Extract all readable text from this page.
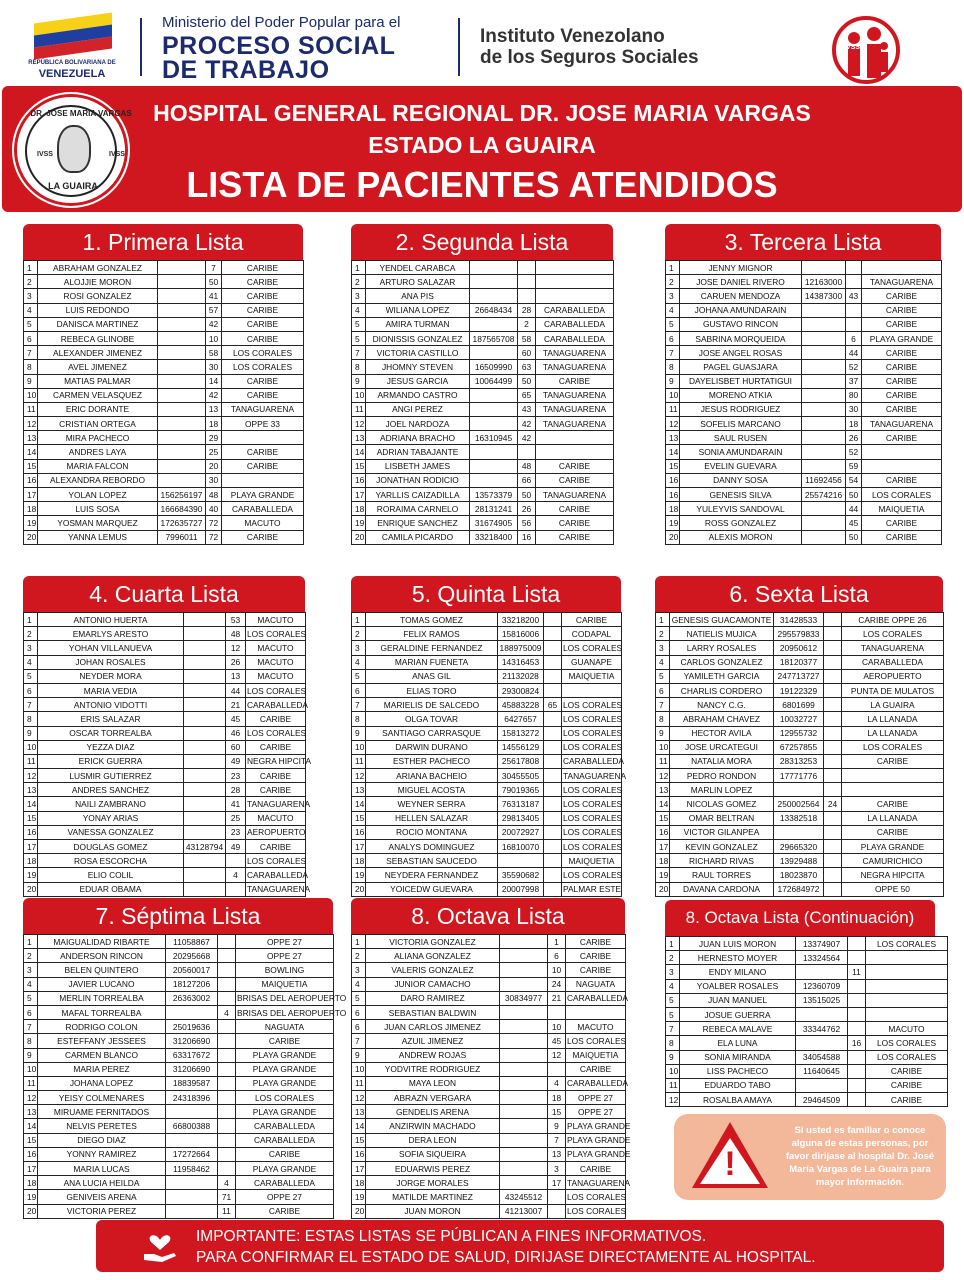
REPÚBLICA BOLIVARIANA DE
VENEZUELA
Ministerio del Poder Popular para el
PROCESO SOCIAL
DE TRABAJO
Instituto Venezolano
de los Seguros Sociales	IVSS
DR. JOSE MARIA VARGAS
IVSS	IVSS
LA GUAIRA
HOSPITAL GENERAL REGIONAL DR. JOSE MARIA VARGAS
ESTADO LA GUAIRA
LISTA DE PACIENTES ATENDIDOS
1. Primera Lista
1	ABRAHAM GONZALEZ		7	CARIBE
2	ALOJJIE MORON		50	CARIBE
3	ROSI GONZALEZ		41	CARIBE
4	LUIS REDONDO		57	CARIBE
5	DANISCA MARTINEZ		42	CARIBE
6	REBECA GLINOBE		10	CARIBE
7	ALEXANDER JIMENEZ		58	LOS CORALES
8	AVEL JIMENEZ		30	LOS CORALES
9	MATIAS PALMAR		14	CARIBE
10	CARMEN VELASQUEZ		42	CARIBE
11	ERIC DORANTE		13	TANAGUARENA
12	CRISTIAN ORTEGA		18	OPPE 33
13	MIRA PACHECO		29	
14	ANDRES LAYA		25	CARIBE
15	MARIA FALCON		20	CARIBE
16	ALEXANDRA REBORDO		30	
17	YOLAN LOPEZ	156256197	48	PLAYA GRANDE
18	LUIS SOSA	166684390	40	CARABALLEDA
19	YOSMAN MARQUEZ	172635727	72	MACUTO
20	YANNA LEMUS	7996011	72	CARIBE
2. Segunda Lista
1	YENDEL CARABCA			
2	ARTURO SALAZAR			
3	ANA PIS			
4	WILIANA LOPEZ	26648434	28	CARABALLEDA
5	AMIRA TURMAN		2	CARABALLEDA
5	DIONISSIS GONZALEZ	187565708	58	CARABALLEDA
7	VICTORIA CASTILLO		60	TANAGUARENA
8	JHOMNY STEVEN	16509990	63	TANAGUARENA
9	JESUS GARCIA	10064499	50	CARIBE
10	ARMANDO CASTRO		65	TANAGUARENA
11	ANGI PEREZ		43	TANAGUARENA
12	JOEL NARDOZA		42	TANAGUARENA
13	ADRIANA BRACHO	16310945	42	
14	ADRIAN TABAJANTE			
15	LISBETH JAMES		48	CARIBE
16	JONATHAN RODICIO		66	CARIBE
17	YARLLIS CAIZADILLA	13573379	50	TANAGUARENA
18	RORAIMA CARNELO	28131241	26	CARIBE
19	ENRIQUE SANCHEZ	31674905	56	CARIBE
20	CAMILA PICARDO	33218400	16	CARIBE
3. Tercera Lista
1	JENNY MIGNOR			
2	JOSE DANIEL RIVERO	12163000		TANAGUARENA
3	CARUEN MENDOZA	14387300	43	CARIBE
4	JOHANA AMUNDARAIN			CARIBE
5	GUSTAVO RINCON			CARIBE
6	SABRINA MORQUEIDA		6	PLAYA GRANDE
7	JOSE ANGEL ROSAS		44	CARIBE
8	PAGEL GUASJARA		52	CARIBE
9	DAYELISBET HURTATIGUI		37	CARIBE
10	MORENO ATKIA		80	CARIBE
11	JESUS RODRIGUEZ		30	CARIBE
12	SOFELIS MARCANO		18	TANAGUARENA
13	SAUL RUSEN		26	CARIBE
14	SONIA AMUNDARAIN		52	
15	EVELIN GUEVARA		59	
16	DANNY SOSA	11692456	54	CARIBE
16	GENESIS SILVA	25574216	50	LOS CORALES
18	YULEYVIS SANDOVAL		44	MAIQUETIA
19	ROSS GONZALEZ		45	CARIBE
20	ALEXIS MORON		50	CARIBE
4. Cuarta Lista
1	ANTONIO HUERTA		53	MACUTO
2	EMARLYS ARESTO		48	LOS CORALES
3	YOHAN VILLANUEVA		12	MACUTO
4	JOHAN ROSALES		26	MACUTO
5	NEYDER MORA		13	MACUTO
6	MARIA VEDIA		44	LOS CORALES
7	ANTONIO VIDOTTI		21	CARABALLEDA
8	ERIS SALAZAR		45	CARIBE
9	OSCAR TORREALBA		46	LOS CORALES
10	YEZZA DIAZ		60	CARIBE
11	ERICK GUERRA		49	NEGRA HIPCITA
12	LUSMIR GUTIERREZ		23	CARIBE
13	ANDRES SANCHEZ		28	CARIBE
14	NAILI ZAMBRANO		41	TANAGUARENA
15	YONAY ARIAS		25	MACUTO
16	VANESSA GONZALEZ		23	AEROPUERTO
17	DOUGLAS GOMEZ	43128794	49	CARIBE
18	ROSA ESCORCHA			LOS CORALES
19	ELIO COLIL		4	CARABALLEDA
20	EDUAR OBAMA			TANAGUARENA
5. Quinta Lista
1	TOMAS GOMEZ	33218200		CARIBE
2	FELIX RAMOS	15816006		CODAPAL
3	GERALDINE FERNANDEZ	188975009		LOS CORALES
4	MARIAN FUENETA	14316453		GUANAPE
5	ANAS GIL	21132028		MAIQUETIA
6	ELIAS TORO	29300824		
7	MARIELIS DE SALCEDO	45883228	65	LOS CORALES
8	OLGA TOVAR	6427657		LOS CORALES
9	SANTIAGO CARRASQUE	15813272		LOS CORALES
10	DARWIN DURANO	14556129		LOS CORALES
11	ESTHER PACHECO	25617808		CARABALLEDA
12	ARIANA BACHEIO	30455505		TANAGUARENA
13	MIGUEL ACOSTA	79019365		LOS CORALES
14	WEYNER SERRA	76313187		LOS CORALES
15	HELLEN SALAZAR	29813405		LOS CORALES
16	ROCIO MONTANA	20072927		LOS CORALES
17	ANALYS DOMINGUEZ	16810070		LOS CORALES
18	SEBASTIAN SAUCEDO			MAIQUETIA
19	NEYDERA FERNANDEZ	35590682		LOS CORALES
20	YOICEDW GUEVARA	20007998		PALMAR ESTE
6. Sexta Lista
1	GENESIS GUACAMONTE	31428533		CARIBE OPPE 26
2	NATIELIS MUJICA	295579833		LOS CORALES
3	LARRY ROSALES	20950612		TANAGUARENA
4	CARLOS GONZALEZ	18120377		CARABALLEDA
5	YAMILETH GARCIA	247713727		AEROPUERTO
6	CHARLIS CORDERO	19122329		PUNTA DE MULATOS
7	NANCY C.G.	6801699		LA GUAIRA
8	ABRAHAM CHAVEZ	10032727		LA LLANADA
9	HECTOR AVILA	12955732		LA LLANADA
10	JOSE URCATEGUI	67257855		LOS CORALES
11	NATALIA MORA	28313253		CARIBE
12	PEDRO RONDON	17771776		
13	MARLIN LOPEZ			
14	NICOLAS GOMEZ	250002564	24	CARIBE
15	OMAR BELTRAN	13382518		LA LLANADA
16	VICTOR GILANPEA			CARIBE
17	KEVIN GONZALEZ	29665320		PLAYA GRANDE
18	RICHARD RIVAS	13929488		CAMURICHICO
19	RAUL TORRES	18023870		NEGRA HIPCITA
20	DAVANA CARDONA	172684972		OPPE 50
7. Séptima Lista
1	MAIGUALIDAD RIBARTE	11058867		OPPE 27
2	ANDERSON RINCON	20295668		OPPE 27
3	BELEN QUINTERO	20560017		BOWLING
4	JAVIER LUCANO	18127206		MAIQUETIA
5	MERLIN TORREALBA	26363002		BRISAS DEL AEROPUERTO
6	MAFAL TORREALBA		4	BRISAS DEL AEROPUERTO
7	RODRIGO COLON	25019636		NAGUATA
8	ESTEFFANY JESSEES	31206690		CARIBE
9	CARMEN BLANCO	63317672		PLAYA GRANDE
10	MARIA PEREZ	31206690		PLAYA GRANDE
11	JOHANA LOPEZ	18839587		PLAYA GRANDE
12	YEISY COLMENARES	24318396		LOS CORALES
13	MIRUAME FERNITADOS			PLAYA GRANDE
14	NELVIS PERETES	66800388		CARABALLEDA
15	DIEGO DIAZ			CARABALLEDA
16	YONNY RAMIREZ	17272664		CARIBE
17	MARIA LUCAS	11958462		PLAYA GRANDE
18	ANA LUCIA HEILDA		4	CARABALLEDA
19	GENIVEIS ARENA		71	OPPE 27
20	VICTORIA PEREZ		11	CARIBE
8. Octava Lista
1	VICTORIA GONZALEZ		1	CARIBE
2	ALIANA GONZALEZ		6	CARIBE
3	VALERIS GONZALEZ		10	CARIBE
4	JUNIOR CAMACHO		24	NAGUATA
5	DARO RAMIREZ	30834977	21	CARABALLEDA
6	SEBASTIAN BALDWIN			
6	JUAN CARLOS JIMENEZ		10	MACUTO
7	AZUIL JIMENEZ		45	LOS CORALES
9	ANDREW ROJAS		12	MAIQUETIA
10	YODVITRE RODRIGUEZ			CARIBE
11	MAYA LEON		4	CARABALLEDA
12	ABRAZN VERGARA		18	OPPE 27
13	GENDELIS ARENA		15	OPPE 27
14	ANZIRWIN MACHADO		9	PLAYA GRANDE
15	DERA LEON		7	PLAYA GRANDE
16	SOFIA SIQUEIRA		13	PLAYA GRANDE
17	EDUARWIS PEREZ		3	CARIBE
18	JORGE MORALES		17	TANAGUARENA
19	MATILDE MARTINEZ	43245512		LOS CORALES
20	JUAN MORON	41213007		LOS CORALES
8. Octava Lista (Continuación)
1	JUAN LUIS MORON	13374907		LOS CORALES
2	HERNESTO MOYER	13324564		
3	ENDY MILANO		11	
4	YOALBER ROSALES	12360709		
5	JUAN MANUEL	13515025		
5	JOSUE GUERRA			
7	REBECA MALAVE	33344762		MACUTO
8	ELA LUNA		16	LOS CORALES
9	SONIA MIRANDA	34054588		LOS CORALES
10	LISS PACHECO	11640645		CARIBE
11	EDUARDO TABO			CARIBE
12	ROSALBA AMAYA	29464509		CARIBE
!
Si usted es familiar o conoce alguna de estas personas, por favor dirijase al hospital Dr. José María Vargas de La Guaira para mayor información.
IMPORTANTE: ESTAS LISTAS SE PÚBLICAN A FINES INFORMATIVOS.
PARA CONFIRMAR EL ESTADO DE SALUD, DIRIJASE DIRECTAMENTE AL HOSPITAL.
